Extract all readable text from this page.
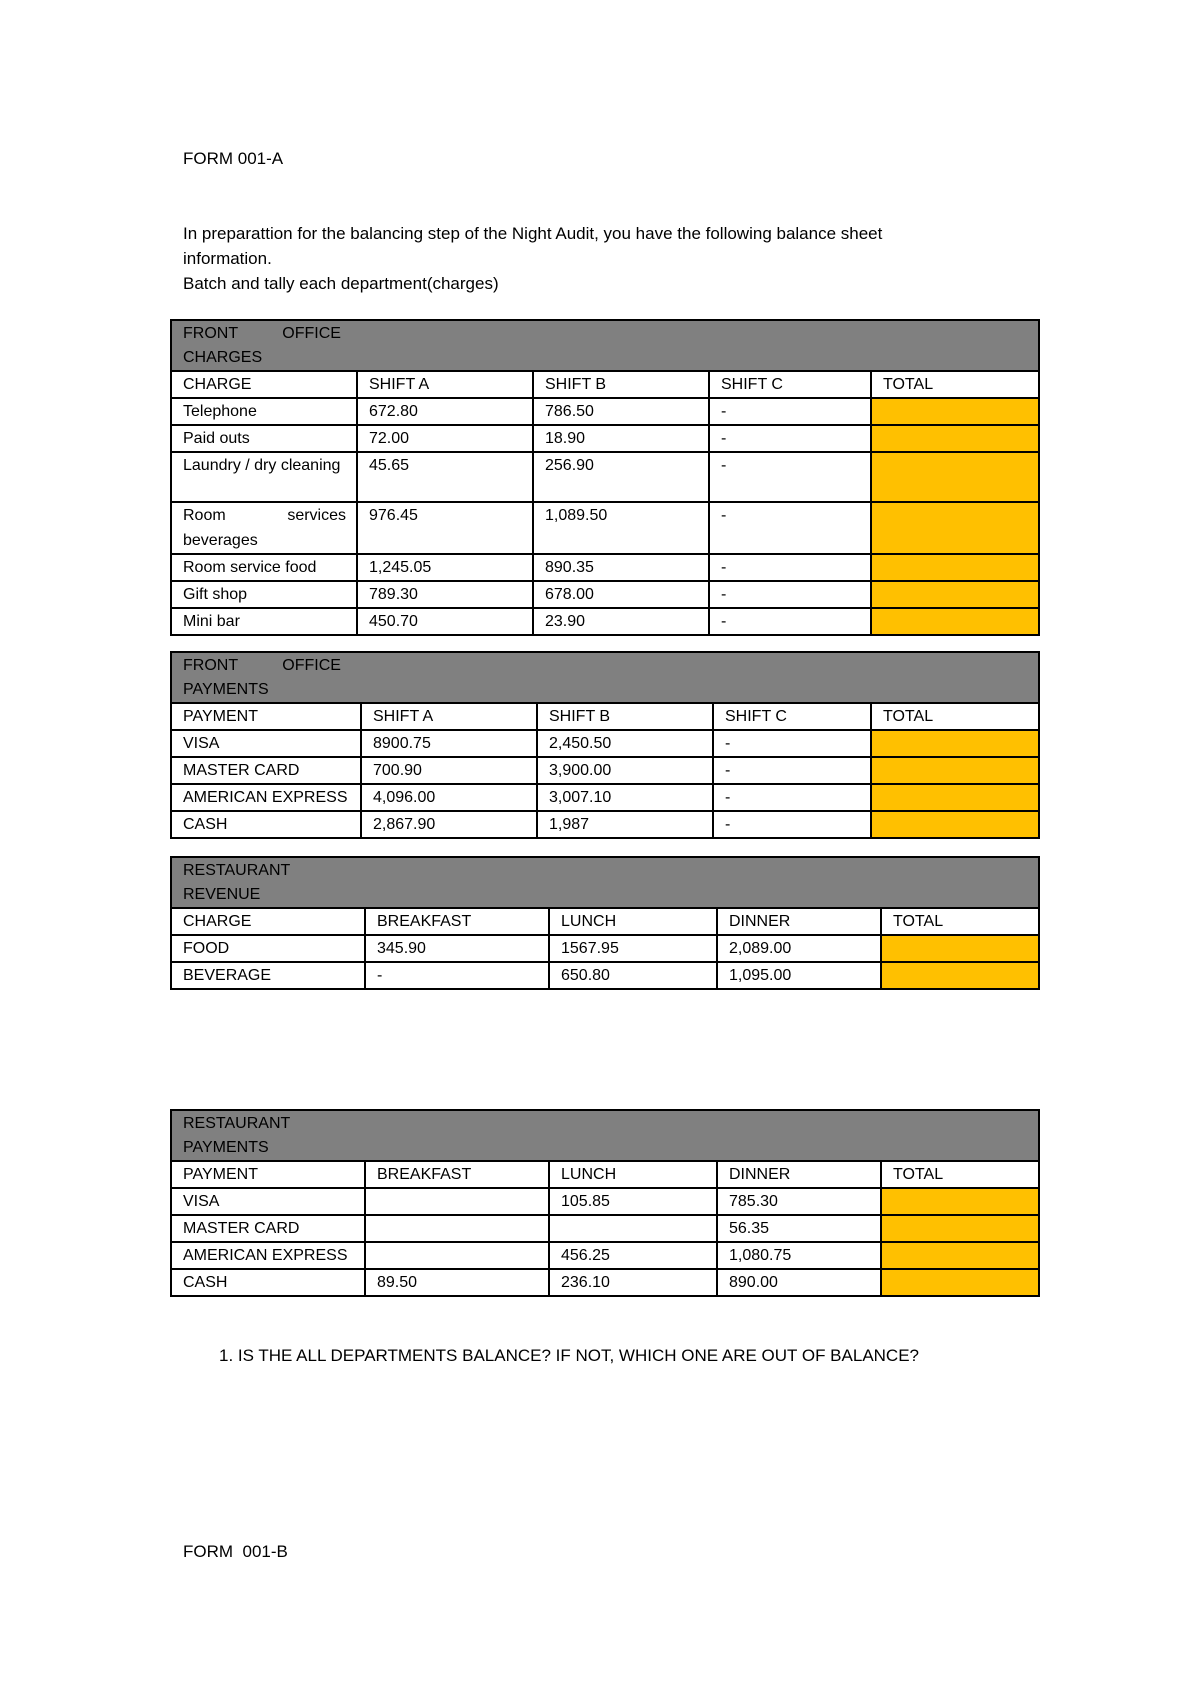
FORM 001-A
In preparattion for the balancing step of the Night Audit, you have the following balance sheet
information.
Batch and tally each department(charges)
FRONT          OFFICE
CHARGES				

CHARGE	SHIFT A	SHIFT B	SHIFT C	TOTAL
Telephone	672.80	786.50	-	
Paid outs	72.00	18.90	-	
Laundry / dry cleaning	45.65	256.90	-	
Room services beverages	976.45	1,089.50	-	
Room service food	1,245.05	890.35	-	
Gift shop	789.30	678.00	-	
Mini bar	450.70	23.90	-	
FRONT          OFFICE
PAYMENTS				

PAYMENT	SHIFT A	SHIFT B	SHIFT C	TOTAL
VISA	8900.75	2,450.50	-	
MASTER CARD	700.90	3,900.00	-	
AMERICAN EXPRESS	4,096.00	3,007.10	-	
CASH	2,867.90	1,987	-	
RESTAURANT
REVENUE				

CHARGE	BREAKFAST	LUNCH	DINNER	TOTAL
FOOD	345.90	1567.95	2,089.00	
BEVERAGE	-	650.80	1,095.00	
RESTAURANT
PAYMENTS				

PAYMENT	BREAKFAST	LUNCH	DINNER	TOTAL
VISA		105.85	785.30	
MASTER CARD			56.35	
AMERICAN EXPRESS		456.25	1,080.75	
CASH	89.50	236.10	890.00	
1. IS THE ALL DEPARTMENTS BALANCE? IF NOT, WHICH ONE ARE OUT OF BALANCE?
FORM  001-B
